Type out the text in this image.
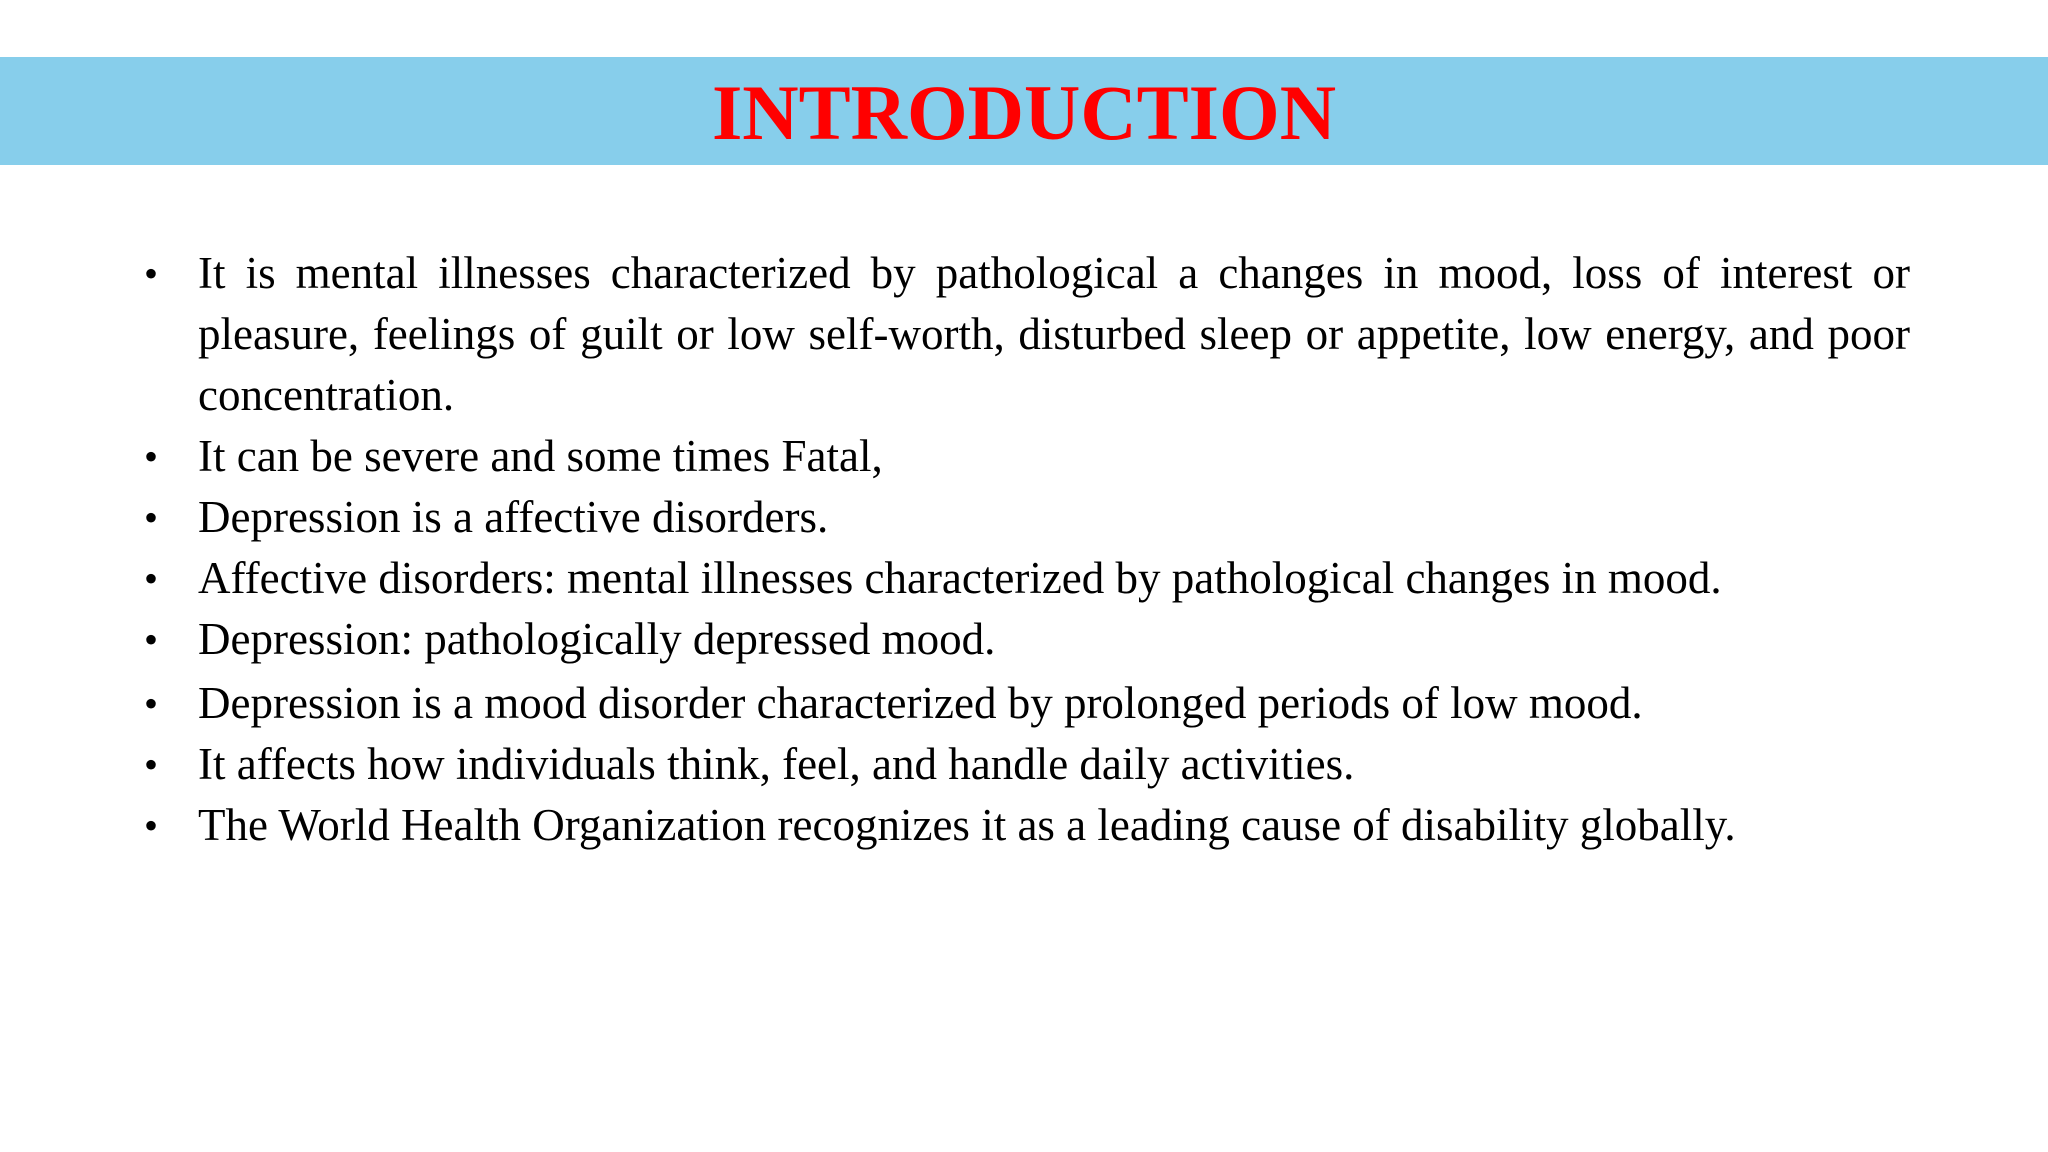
INTRODUCTION
• It is mental illnesses characterized by pathological a changes in mood, loss of interest or pleasure, feelings of guilt or low self-worth, disturbed sleep or appetite, low energy, and poor concentration.
• It can be severe and some times Fatal,
• Depression is a affective disorders.
• Affective disorders: mental illnesses characterized by pathological changes in mood.
• Depression: pathologically depressed mood.
• Depression is a mood disorder characterized by prolonged periods of low mood.
• It affects how individuals think, feel, and handle daily activities.
• The World Health Organization recognizes it as a leading cause of disability globally.
